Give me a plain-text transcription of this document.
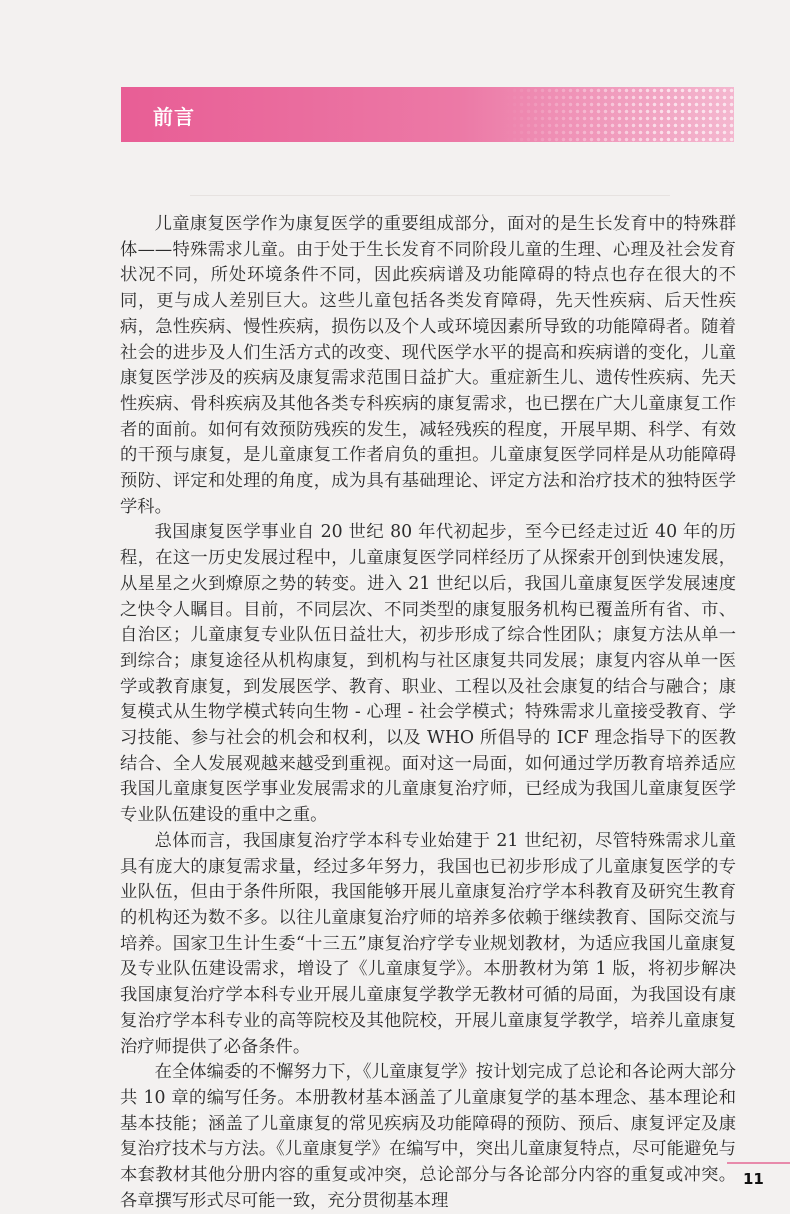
前言

儿童康复医学作为康复医学的重要组成部分，面对的是生长发育中的特殊群体——特殊需求儿童。由于处于生长发育不同阶段儿童的生理、心理及社会发育状况不同，所处环境条件不同，因此疾病谱及功能障碍的特点也存在很大的不同，更与成人差别巨大。这些儿童包括各类发育障碍，先天性疾病、后天性疾病，急性疾病、慢性疾病，损伤以及个人或环境因素所导致的功能障碍者。随着社会的进步及人们生活方式的改变、现代医学水平的提高和疾病谱的变化，儿童康复医学涉及的疾病及康复需求范围日益扩大。重症新生儿、遗传性疾病、先天性疾病、骨科疾病及其他各类专科疾病的康复需求，也已摆在广大儿童康复工作者的面前。如何有效预防残疾的发生，减轻残疾的程度，开展早期、科学、有效的干预与康复，是儿童康复工作者肩负的重担。儿童康复医学同样是从功能障碍预防、评定和处理的角度，成为具有基础理论、评定方法和治疗技术的独特医学学科。

我国康复医学事业自 20 世纪 80 年代初起步，至今已经走过近 40 年的历程，在这一历史发展过程中，儿童康复医学同样经历了从探索开创到快速发展，从星星之火到燎原之势的转变。进入 21 世纪以后，我国儿童康复医学发展速度之快令人瞩目。目前，不同层次、不同类型的康复服务机构已覆盖所有省、市、自治区；儿童康复专业队伍日益壮大，初步形成了综合性团队；康复方法从单一到综合；康复途径从机构康复，到机构与社区康复共同发展；康复内容从单一医学或教育康复，到发展医学、教育、职业、工程以及社会康复的结合与融合；康复模式从生物学模式转向生物 - 心理 - 社会学模式；特殊需求儿童接受教育、学习技能、参与社会的机会和权利，以及 WHO 所倡导的 ICF 理念指导下的医教结合、全人发展观越来越受到重视。面对这一局面，如何通过学历教育培养适应我国儿童康复医学事业发展需求的儿童康复治疗师，已经成为我国儿童康复医学专业队伍建设的重中之重。

总体而言，我国康复治疗学本科专业始建于 21 世纪初，尽管特殊需求儿童具有庞大的康复需求量，经过多年努力，我国也已初步形成了儿童康复医学的专业队伍，但由于条件所限，我国能够开展儿童康复治疗学本科教育及研究生教育的机构还为数不多。以往儿童康复治疗师的培养多依赖于继续教育、国际交流与培养。国家卫生计生委“十三五”康复治疗学专业规划教材，为适应我国儿童康复及专业队伍建设需求，增设了《儿童康复学》。本册教材为第 1 版，将初步解决我国康复治疗学本科专业开展儿童康复学教学无教材可循的局面，为我国设有康复治疗学本科专业的高等院校及其他院校，开展儿童康复学教学，培养儿童康复治疗师提供了必备条件。

在全体编委的不懈努力下，《儿童康复学》按计划完成了总论和各论两大部分共 10 章的编写任务。本册教材基本涵盖了儿童康复学的基本理念、基本理论和基本技能；涵盖了儿童康复的常见疾病及功能障碍的预防、预后、康复评定及康复治疗技术与方法。《儿童康复学》在编写中，突出儿童康复特点，尽可能避免与本套教材其他分册内容的重复或冲突，总论部分与各论部分内容的重复或冲突。各章撰写形式尽可能一致，充分贯彻基本理

11
